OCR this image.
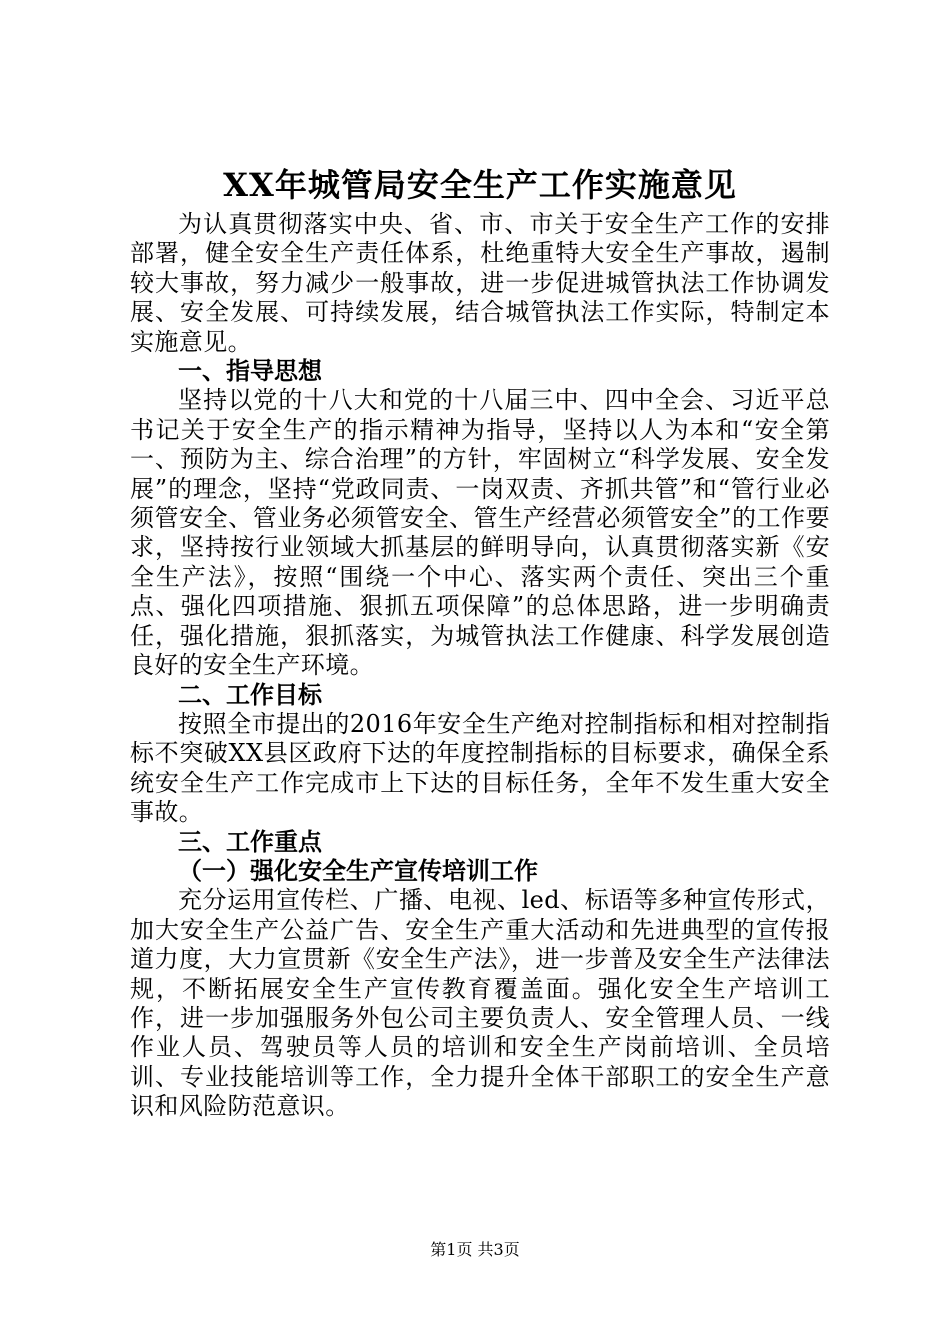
XX年城管局安全生产工作实施意见

为认真贯彻落实中央、省、市、市关于安全生产工作的安排部署，健全安全生产责任体系，杜绝重特大安全生产事故，遏制较大事故，努力减少一般事故，进一步促进城管执法工作协调发展、安全发展、可持续发展，结合城管执法工作实际，特制定本实施意见。

一、指导思想

坚持以党的十八大和党的十八届三中、四中全会、习近平总书记关于安全生产的指示精神为指导，坚持以人为本和“安全第一、预防为主、综合治理”的方针，牢固树立“科学发展、安全发展”的理念，坚持“党政同责、一岗双责、齐抓共管”和“管行业必须管安全、管业务必须管安全、管生产经营必须管安全”的工作要求，坚持按行业领域大抓基层的鲜明导向，认真贯彻落实新《安全生产法》，按照“围绕一个中心、落实两个责任、突出三个重点、强化四项措施、狠抓五项保障”的总体思路，进一步明确责任，强化措施，狠抓落实，为城管执法工作健康、科学发展创造良好的安全生产环境。

二、工作目标

按照全市提出的2016年安全生产绝对控制指标和相对控制指标不突破XX县区政府下达的年度控制指标的目标要求，确保全系统安全生产工作完成市上下达的目标任务，全年不发生重大安全事故。

三、工作重点

（一）强化安全生产宣传培训工作

充分运用宣传栏、广播、电视、led、标语等多种宣传形式，加大安全生产公益广告、安全生产重大活动和先进典型的宣传报道力度，大力宣贯新《安全生产法》，进一步普及安全生产法律法规，不断拓展安全生产宣传教育覆盖面。强化安全生产培训工作，进一步加强服务外包公司主要负责人、安全管理人员、一线作业人员、驾驶员等人员的培训和安全生产岗前培训、全员培训、专业技能培训等工作，全力提升全体干部职工的安全生产意识和风险防范意识。

第1页 共3页
